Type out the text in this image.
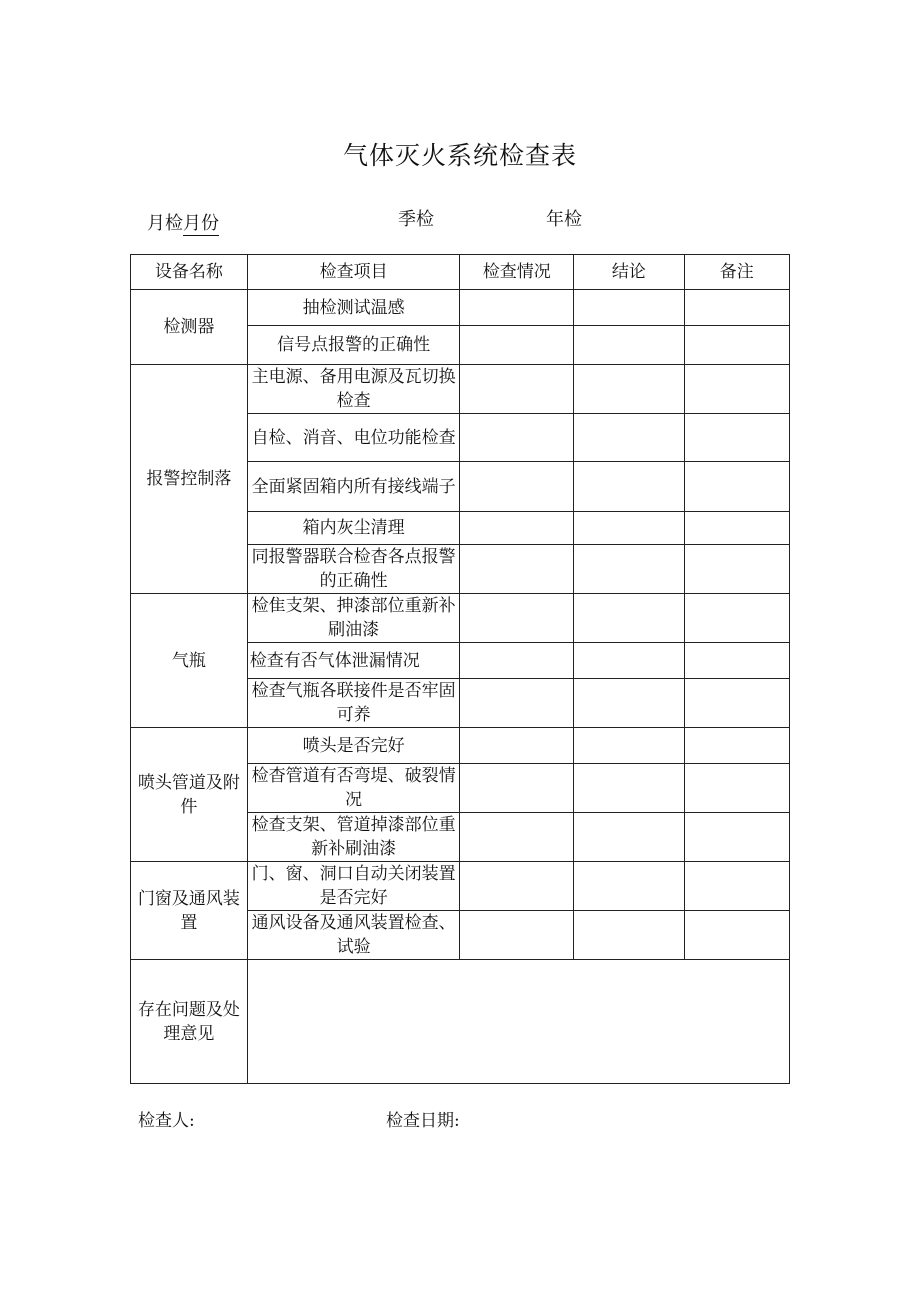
气体灭火系统检查表
月检月份	季检	年检
设备名称	检查项目	检查情况	结论	备注
检测器	抽检测试温感			
	信号点报警的正确性			
报警控制落	主电源、备用电源及瓦切换检查			
	自检、消音、电位功能检查			
	全面紧固箱内所有接线端子			
	箱内灰尘清理			
	同报警器联合检杳各点报警的正确性			
气瓶	检隹支架、抻漆部位重新补刷油漆			
	检查有否气体泄漏情况			
	检查气瓶各联接件是否牢固可养			
喷头管道及附件	喷头是否完好			
	检杳管道有否弯堤、破裂情况			
	检查支架、管道掉漆部位重新补刷油漆			
门窗及通风装置	门、窗、洞口自动关闭装置是否完好			
	通风设备及通风装置检查、试验			
存在问题及处理意见				
检查人:	检查日期:
